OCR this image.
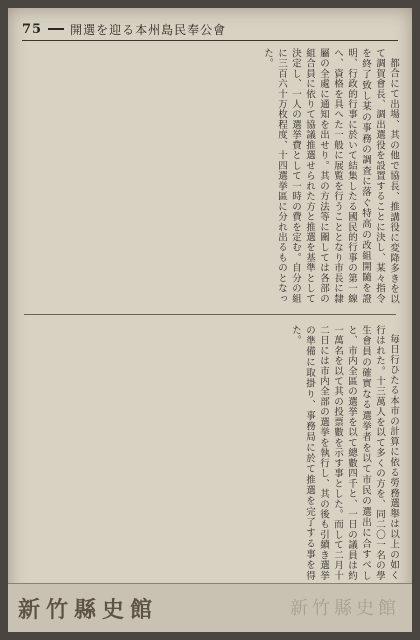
75 開選を迎る本州島民奉公會

都合にて出場、其の他で協長、推講役に変降多きを以て調賀會長、調出選役を設置することに決し、某々指令を終了致し某の事務の調査に落ぐ特高の改組開隨を證明、行政的行事に於いて結集したる國民的行事の第一線へ、資格を具へた一般に展覧を行うこととなり市長に隸屬の全處に通知を出せり。其の方法等に關しては各部の組合員に依りて協議推選せられた方と推選を基準として決定し、一人の選挙費として一時の費を定む。自分の組に三百六十万枚程度、十四選挙區に分れ出るものとなった。

毎日行ひたる本市の計算に依る勞務選舉は以上の如く行はれた。十三萬人を以て多くの方を、同二〇一名の學生會員の確實なる選挙者を以て市民の選出に合すべしと、市内全區の選挙を以て總數四千と、一日の議員は約一萬名を以て其の投票數を示す事とした。而して二月十二日には市内全部の選挙を執行し、其の後も引續き選挙の準備に取掛り、事務局に於て推選を完了する事を得た。

新竹縣史館	新竹縣史館
